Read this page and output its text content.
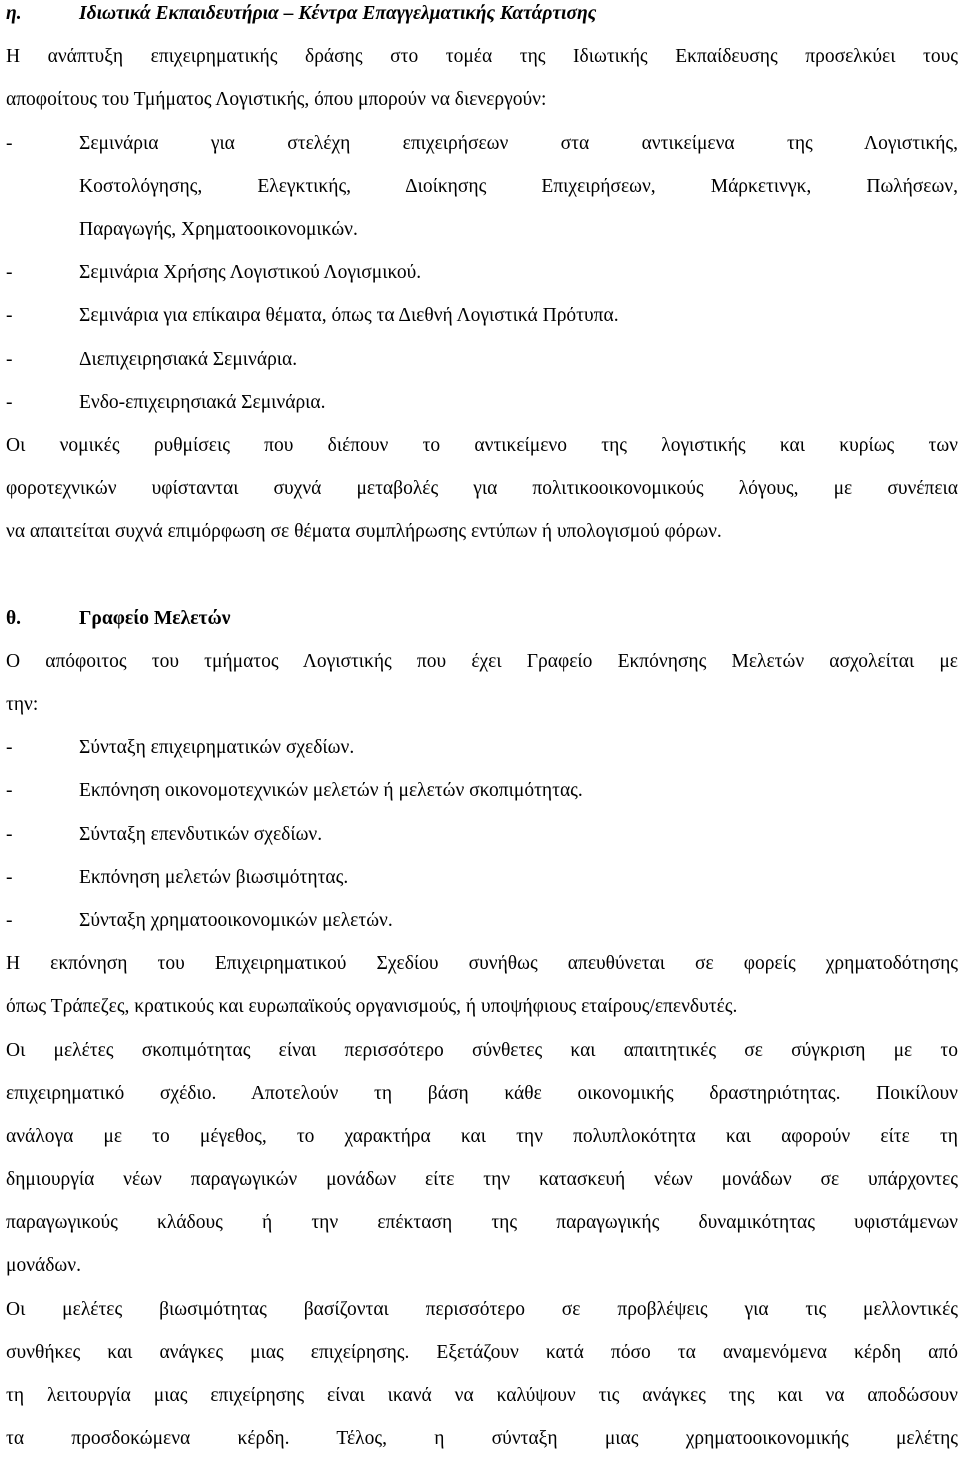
η.	Ιδιωτικά Εκπαιδευτήρια – Κέντρα Επαγγελματικής Κατάρτισης
Η ανάπτυξη επιχειρηματικής δράσης στο τομέα της Ιδιωτικής Εκπαίδευσης προσελκύει τους
αποφοίτους του Τμήματος Λογιστικής, όπου μπορούν να διενεργούν:
-	Σεμινάρια για στελέχη επιχειρήσεων στα αντικείμενα της Λογιστικής,
Κοστολόγησης, Ελεγκτικής, Διοίκησης Επιχειρήσεων, Μάρκετινγκ, Πωλήσεων,
Παραγωγής, Χρηματοοικονομικών.
-	Σεμινάρια Χρήσης Λογιστικού Λογισμικού.
-	Σεμινάρια για επίκαιρα θέματα, όπως τα Διεθνή Λογιστικά Πρότυπα.
-	Διεπιχειρησιακά Σεμινάρια.
-	Ενδο-επιχειρησιακά Σεμινάρια.
Οι νομικές ρυθμίσεις που διέπουν το αντικείμενο της λογιστικής και κυρίως των
φοροτεχνικών υφίστανται συχνά μεταβολές για πολιτικοοικονομικούς λόγους, με συνέπεια
να απαιτείται συχνά επιμόρφωση σε θέματα συμπλήρωσης εντύπων ή υπολογισμού φόρων.
θ.	Γραφείο Μελετών
Ο απόφοιτος του τμήματος Λογιστικής που έχει Γραφείο Εκπόνησης Μελετών ασχολείται με
την:
-	Σύνταξη επιχειρηματικών σχεδίων.
-	Εκπόνηση οικονομοτεχνικών μελετών ή μελετών σκοπιμότητας.
-	Σύνταξη επενδυτικών σχεδίων.
-	Εκπόνηση μελετών βιωσιμότητας.
-	Σύνταξη χρηματοοικονομικών μελετών.
Η εκπόνηση του Επιχειρηματικού Σχεδίου συνήθως απευθύνεται σε φορείς χρηματοδότησης
όπως Τράπεζες, κρατικούς και ευρωπαϊκούς οργανισμούς, ή υποψήφιους εταίρους/επενδυτές.
Οι μελέτες σκοπιμότητας είναι περισσότερο σύνθετες και απαιτητικές σε σύγκριση με το
επιχειρηματικό σχέδιο. Αποτελούν τη βάση κάθε οικονομικής δραστηριότητας. Ποικίλουν
ανάλογα με το μέγεθος, το χαρακτήρα και την πολυπλοκότητα και αφορούν είτε τη
δημιουργία νέων παραγωγικών μονάδων είτε την κατασκευή νέων μονάδων σε υπάρχοντες
παραγωγικούς κλάδους ή την επέκταση της παραγωγικής δυναμικότητας υφιστάμενων
μονάδων.
Οι μελέτες βιωσιμότητας βασίζονται περισσότερο σε προβλέψεις για τις μελλοντικές
συνθήκες και ανάγκες μιας επιχείρησης. Εξετάζουν κατά πόσο τα αναμενόμενα κέρδη από
τη λειτουργία μιας επιχείρησης είναι ικανά να καλύψουν τις ανάγκες της και να αποδώσουν
τα προσδοκώμενα κέρδη. Τέλος, η σύνταξη μιας χρηματοοικονομικής μελέτης
